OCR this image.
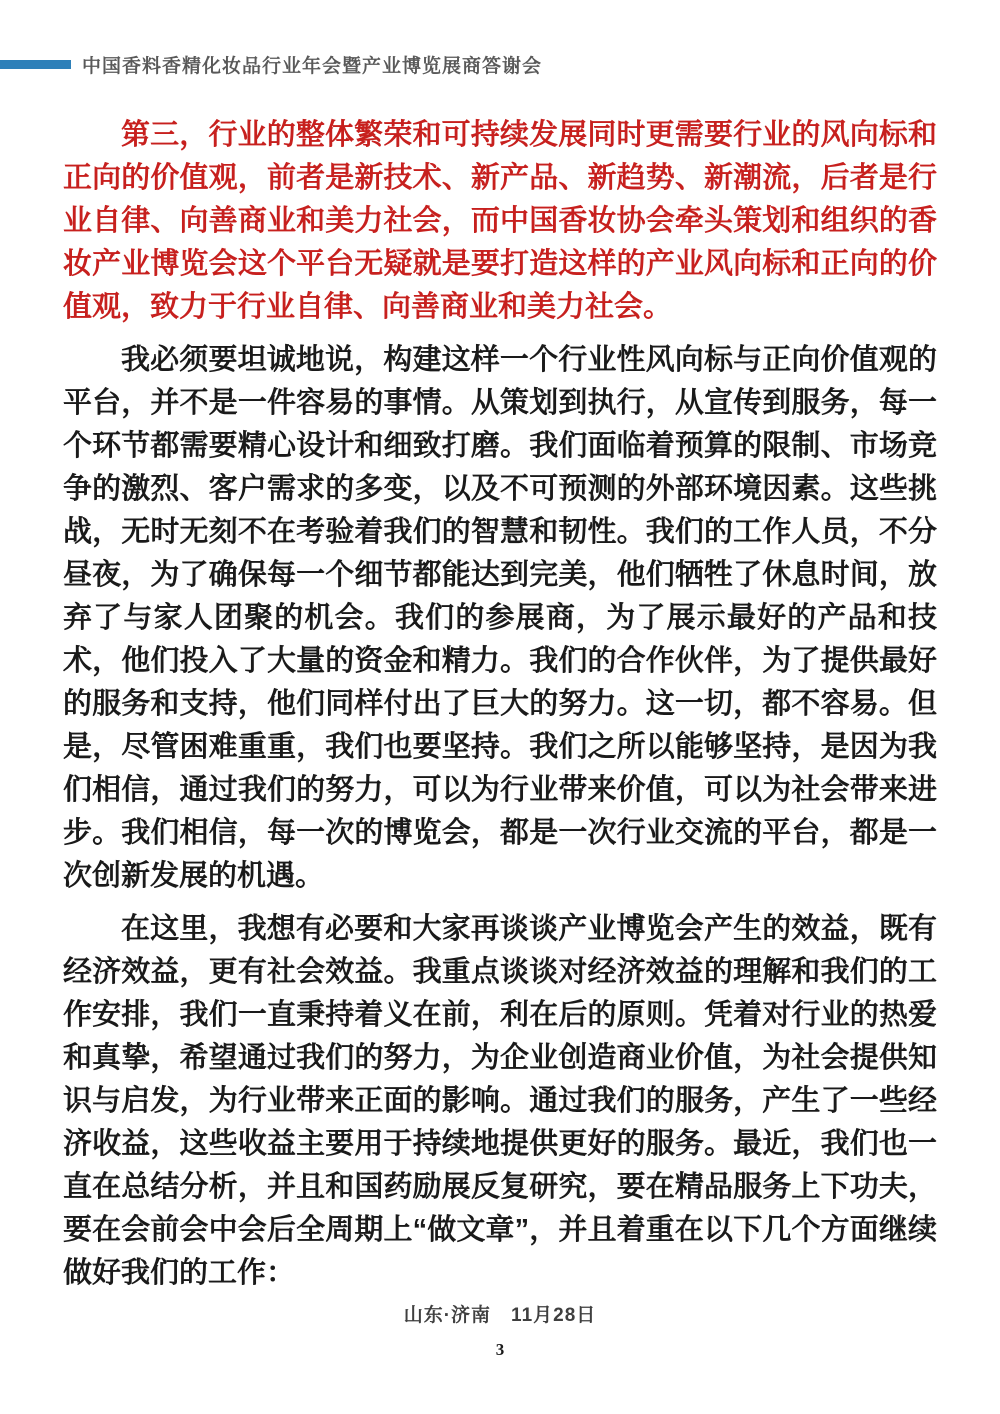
中国香料香精化妆品行业年会暨产业博览展商答谢会

第三，行业的整体繁荣和可持续发展同时更需要行业的风向标和正向的价值观，前者是新技术、新产品、新趋势、新潮流，后者是行业自律、向善商业和美力社会，而中国香妆协会牵头策划和组织的香妆产业博览会这个平台无疑就是要打造这样的产业风向标和正向的价值观，致力于行业自律、向善商业和美力社会。

我必须要坦诚地说，构建这样一个行业性风向标与正向价值观的平台，并不是一件容易的事情。从策划到执行，从宣传到服务，每一个环节都需要精心设计和细致打磨。我们面临着预算的限制、市场竞争的激烈、客户需求的多变，以及不可预测的外部环境因素。这些挑战，无时无刻不在考验着我们的智慧和韧性。我们的工作人员，不分昼夜，为了确保每一个细节都能达到完美，他们牺牲了休息时间，放弃了与家人团聚的机会。我们的参展商，为了展示最好的产品和技术，他们投入了大量的资金和精力。我们的合作伙伴，为了提供最好的服务和支持，他们同样付出了巨大的努力。这一切，都不容易。但是，尽管困难重重，我们也要坚持。我们之所以能够坚持，是因为我们相信，通过我们的努力，可以为行业带来价值，可以为社会带来进步。我们相信，每一次的博览会，都是一次行业交流的平台，都是一次创新发展的机遇。

在这里，我想有必要和大家再谈谈产业博览会产生的效益，既有经济效益，更有社会效益。我重点谈谈对经济效益的理解和我们的工作安排，我们一直秉持着义在前，利在后的原则。凭着对行业的热爱和真挚，希望通过我们的努力，为企业创造商业价值，为社会提供知识与启发，为行业带来正面的影响。通过我们的服务，产生了一些经济收益，这些收益主要用于持续地提供更好的服务。最近，我们也一直在总结分析，并且和国药励展反复研究，要在精品服务上下功夫，要在会前会中会后全周期上“做文章”，并且着重在以下几个方面继续做好我们的工作：

山东·济南　11月28日
3
